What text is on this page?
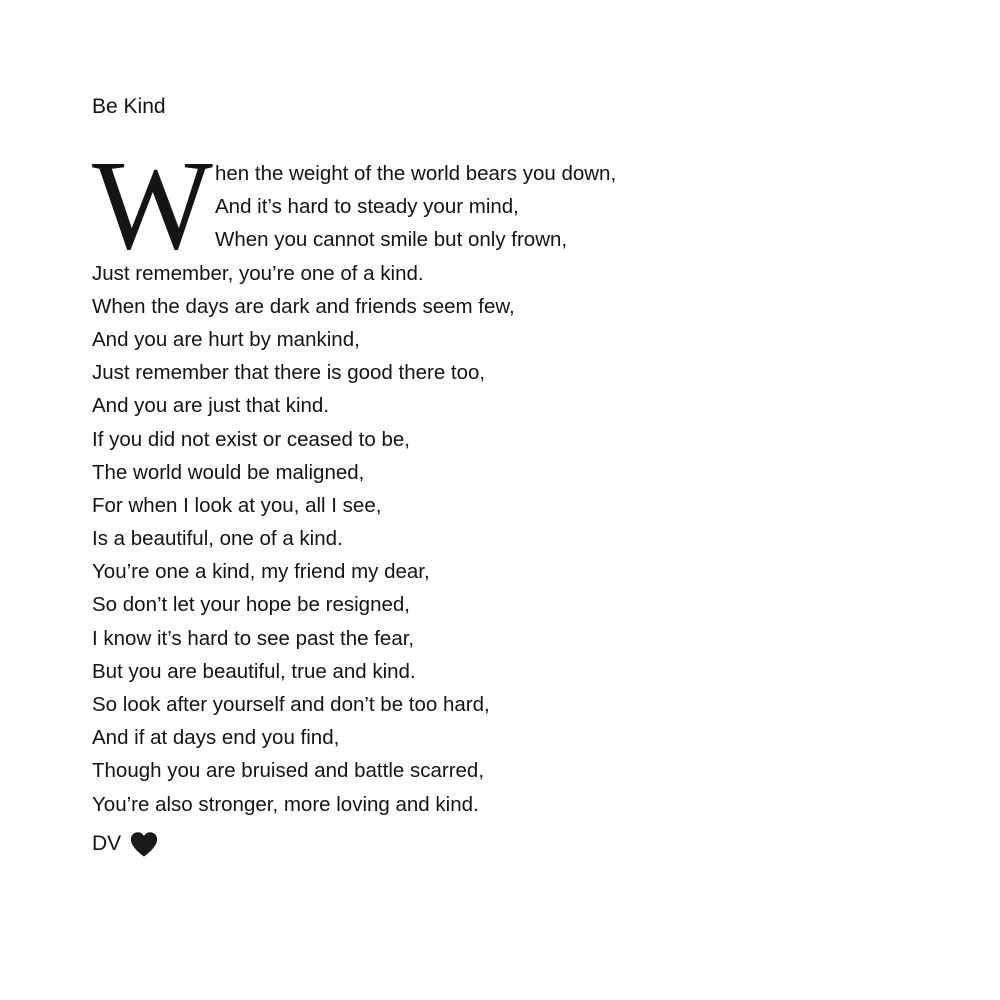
Be Kind
W hen the weight of the world bears you down,
And it’s hard to steady your mind,
When you cannot smile but only frown,
Just remember, you’re one of a kind.
When the days are dark and friends seem few,
And you are hurt by mankind,
Just remember that there is good there too,
And you are just that kind.
If you did not exist or ceased to be,
The world would be maligned,
For when I look at you, all I see,
Is a beautiful, one of a kind.
You’re one a kind, my friend my dear,
So don’t let your hope be resigned,
I know it’s hard to see past the fear,
But you are beautiful, true and kind.
So look after yourself and don’t be too hard,
And if at days end you find,
Though you are bruised and battle scarred,
You’re also stronger, more loving and kind.
DV
